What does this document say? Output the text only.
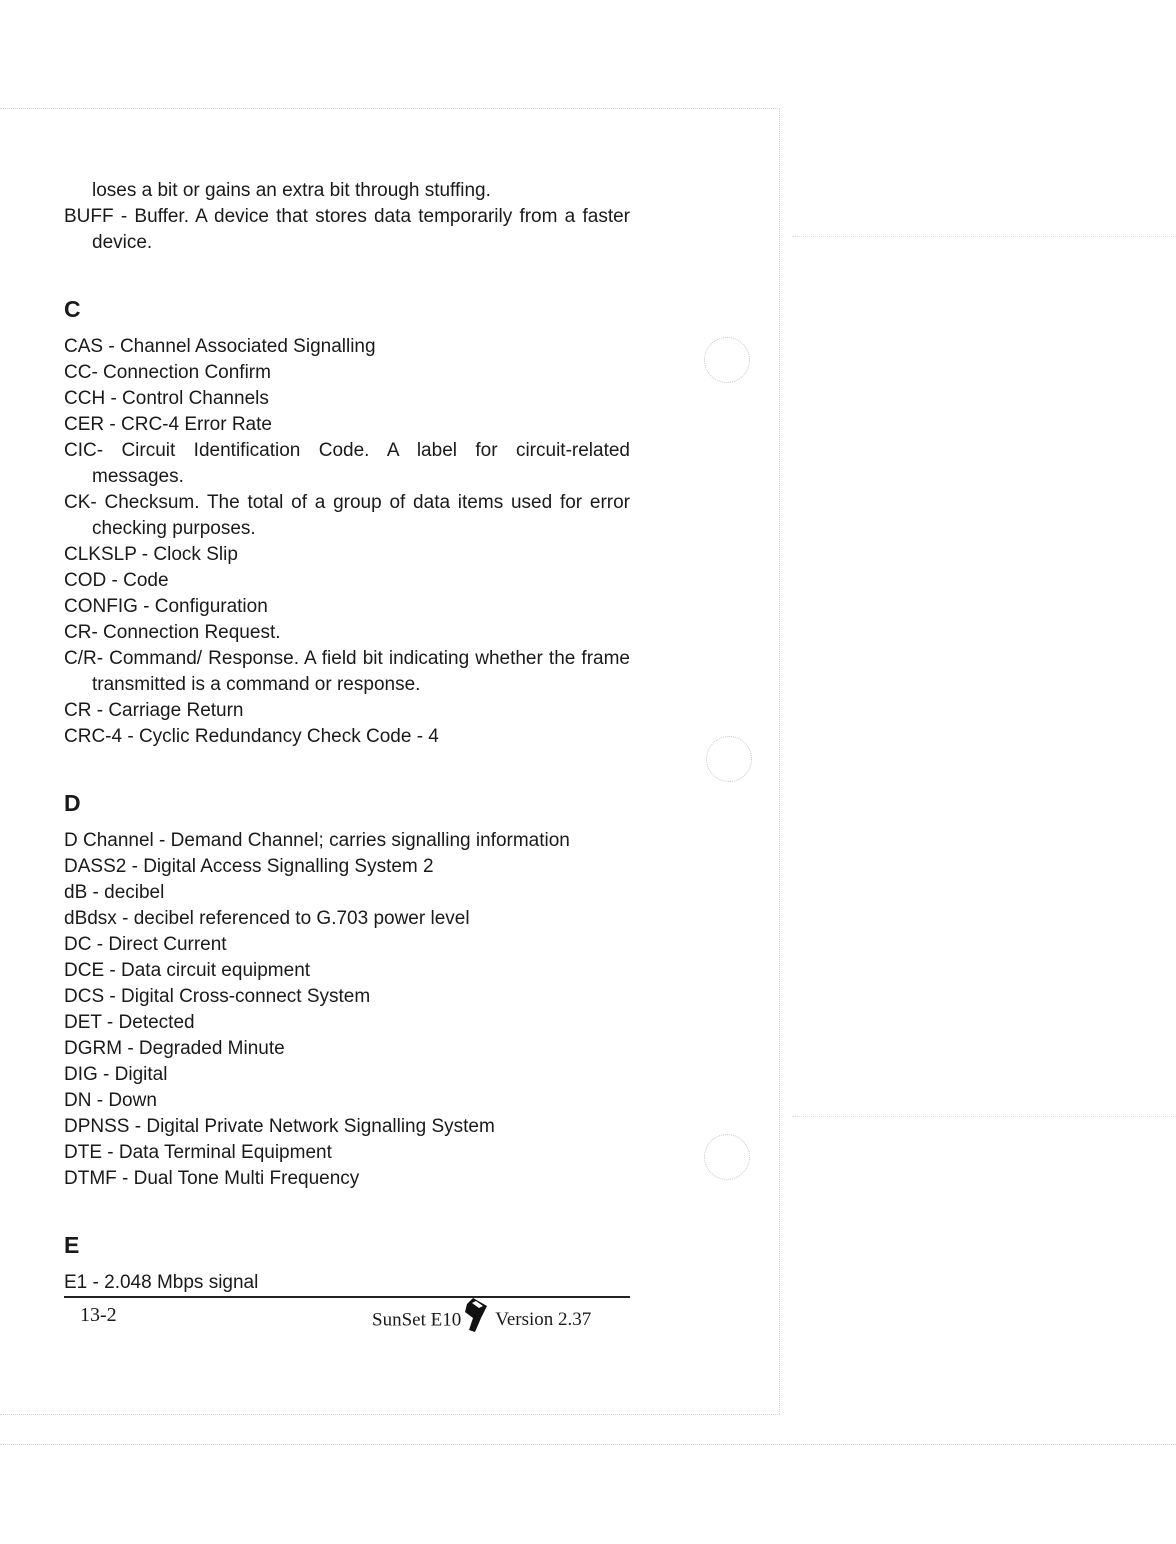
loses a bit or gains an extra bit through stuffing.
BUFF - Buffer. A device that stores data temporarily from a faster device.
C
CAS - Channel Associated Signalling
CC- Connection Confirm
CCH - Control Channels
CER - CRC-4 Error Rate
CIC- Circuit Identification Code. A label for circuit-related messages.
CK- Checksum. The total of a group of data items used for error checking purposes.
CLKSLP - Clock Slip
COD - Code
CONFIG - Configuration
CR- Connection Request.
C/R- Command/ Response. A field bit indicating whether the frame transmitted is a command or response.
CR - Carriage Return
CRC-4 - Cyclic Redundancy Check Code - 4
D
D Channel - Demand Channel; carries signalling information
DASS2 - Digital Access Signalling System 2
dB - decibel
dBdsx - decibel referenced to G.703 power level
DC - Direct Current
DCE - Data circuit equipment
DCS - Digital Cross-connect System
DET - Detected
DGRM - Degraded Minute
DIG - Digital
DN - Down
DPNSS - Digital Private Network Signalling System
DTE - Data Terminal Equipment
DTMF - Dual Tone Multi Frequency
E
E1 - 2.048 Mbps signal
13-2	SunSet E10 Version 2.37
